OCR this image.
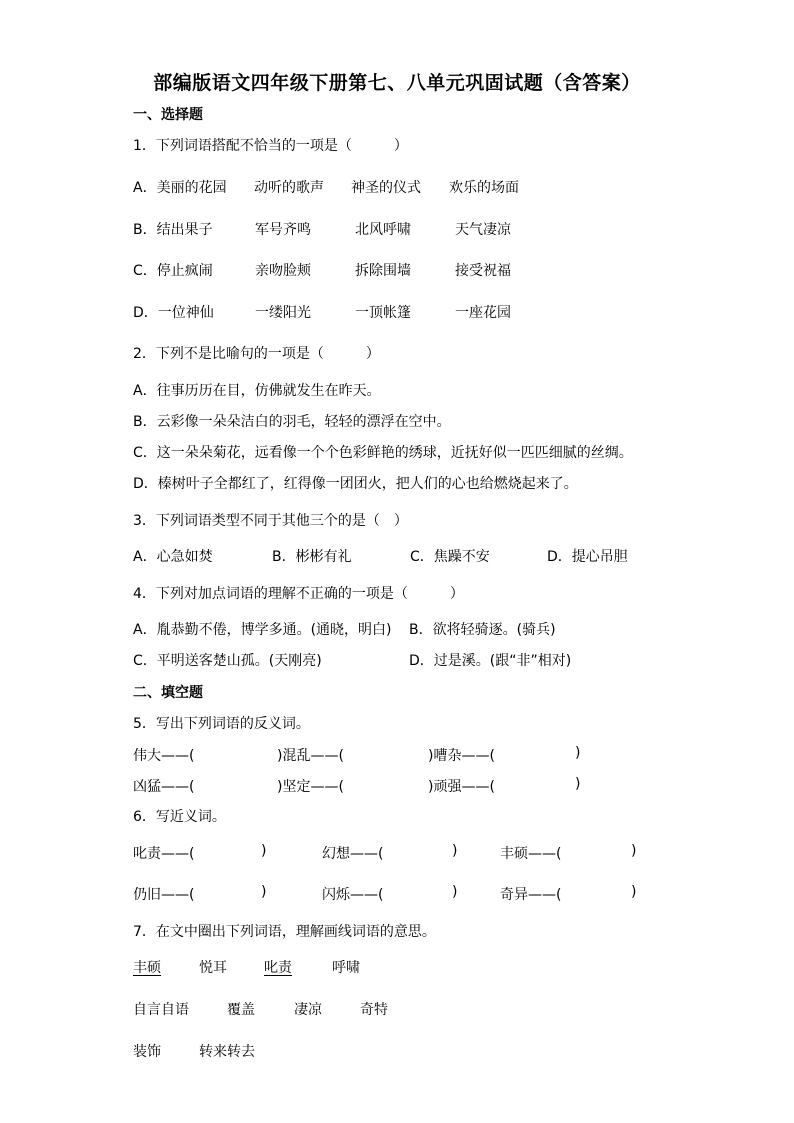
部编版语文四年级下册第七、八单元巩固试题（含答案）
一、选择题
1．下列词语搭配不恰当的一项是（　　　）
A．美丽的花园 动听的歌声 神圣的仪式 欢乐的场面
B．结出果子	军号齐鸣	北风呼啸	天气凄凉
C．停止疯闹	亲吻脸颊	拆除围墙	接受祝福
D．一位神仙	一缕阳光	一顶帐篷	一座花园
2．下列不是比喻句的一项是（　　　）
A．往事历历在目，仿佛就发生在昨天。
B．云彩像一朵朵洁白的羽毛，轻轻的漂浮在空中。
C．这一朵朵菊花，远看像一个个色彩鲜艳的绣球，近抚好似一匹匹细腻的丝绸。
D．榛树叶子全都红了，红得像一团团火，把人们的心也给燃烧起来了。
3．下列词语类型不同于其他三个的是（　）
A．心急如焚	B．彬彬有礼	C．焦躁不安	D．提心吊胆
4．下列对加点词语的理解不正确的一项是（　　　）
A．胤恭勤不倦，博学多通。(通晓，明白) B．欲将轻骑逐。(骑兵)
C．平明送客楚山孤。(天刚亮)	D．过是溪。(跟“非”相对)
二、填空题
5．写出下列词语的反义词。
伟大——(	)混乱——(	)嘈杂——(	)
凶猛——(	)坚定——(	)顽强——(	)
6．写近义词。
叱责——(	)	幻想——(	)	丰硕——(	)
仍旧——(	)	闪烁——(	)	奇异——(	)
7．在文中圈出下列词语，理解画线词语的意思。
丰硕	悦耳	叱责	呼啸
自言自语	覆盖	凄凉	奇特
装饰	转来转去
